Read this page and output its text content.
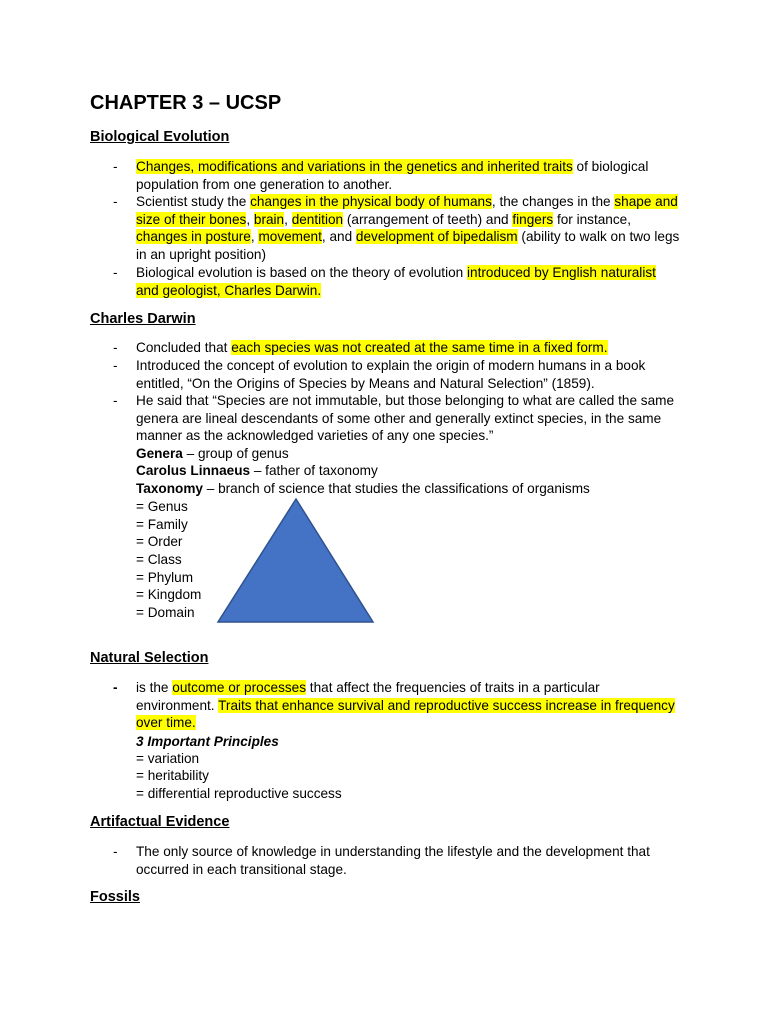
CHAPTER 3 – UCSP
Biological Evolution
- Changes, modifications and variations in the genetics and inherited traits of biological population from one generation to another.
- Scientist study the changes in the physical body of humans, the changes in the shape and size of their bones, brain, dentition (arrangement of teeth) and fingers for instance, changes in posture, movement, and development of bipedalism (ability to walk on two legs in an upright position)
- Biological evolution is based on the theory of evolution introduced by English naturalist and geologist, Charles Darwin.
Charles Darwin
- Concluded that each species was not created at the same time in a fixed form.
- Introduced the concept of evolution to explain the origin of modern humans in a book entitled, “On the Origins of Species by Means and Natural Selection” (1859).
- He said that “Species are not immutable, but those belonging to what are called the same genera are lineal descendants of some other and generally extinct species, in the same manner as the acknowledged varieties of any one species.”
Genera – group of genus
Carolus Linnaeus – father of taxonomy
Taxonomy – branch of science that studies the classifications of organisms
= Genus
= Family
= Order
= Class
= Phylum
= Kingdom
= Domain
Natural Selection
- is the outcome or processes that affect the frequencies of traits in a particular environment. Traits that enhance survival and reproductive success increase in frequency over time.
3 Important Principles
= variation
= heritability
= differential reproductive success
Artifactual Evidence
- The only source of knowledge in understanding the lifestyle and the development that occurred in each transitional stage.
Fossils
